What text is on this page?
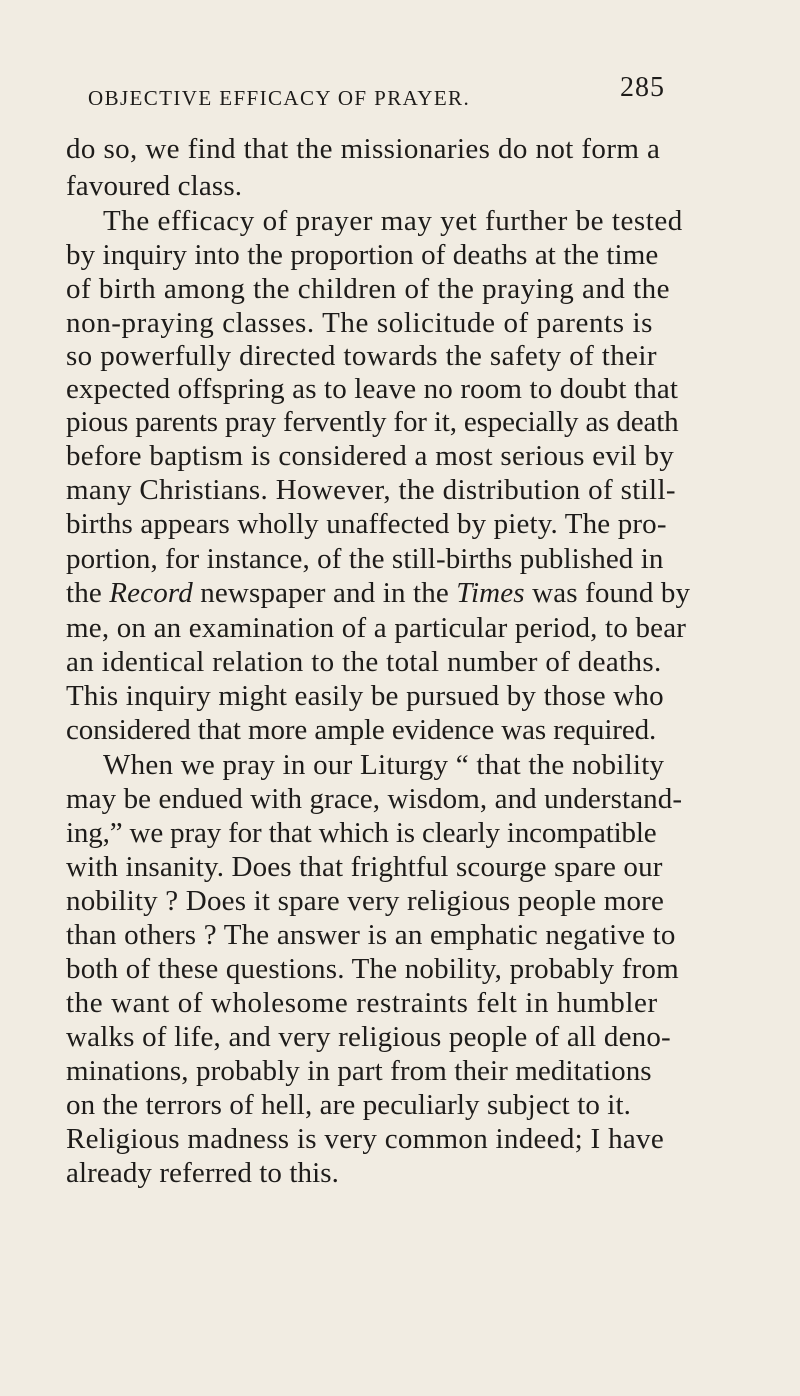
OBJECTIVE EFFICACY OF PRAYER.	285
do so, we find that the missionaries do not form a
favoured class.
The efficacy of prayer may yet further be tested
by inquiry into the proportion of deaths at the time
of birth among the children of the praying and the
non-praying classes. The solicitude of parents is
so powerfully directed towards the safety of their
expected offspring as to leave no room to doubt that
pious parents pray fervently for it, especially as death
before baptism is considered a most serious evil by
many Christians. However, the distribution of still-
births appears wholly unaffected by piety. The pro-
portion, for instance, of the still-births published in
the Record newspaper and in the Times was found by
me, on an examination of a particular period, to bear
an identical relation to the total number of deaths.
This inquiry might easily be pursued by those who
considered that more ample evidence was required.
When we pray in our Liturgy “ that the nobility
may be endued with grace, wisdom, and understand-
ing,” we pray for that which is clearly incompatible
with insanity. Does that frightful scourge spare our
nobility ? Does it spare very religious people more
than others ? The answer is an emphatic negative to
both of these questions. The nobility, probably from
the want of wholesome restraints felt in humbler
walks of life, and very religious people of all deno-
minations, probably in part from their meditations
on the terrors of hell, are peculiarly subject to it.
Religious madness is very common indeed; I have
already referred to this.
